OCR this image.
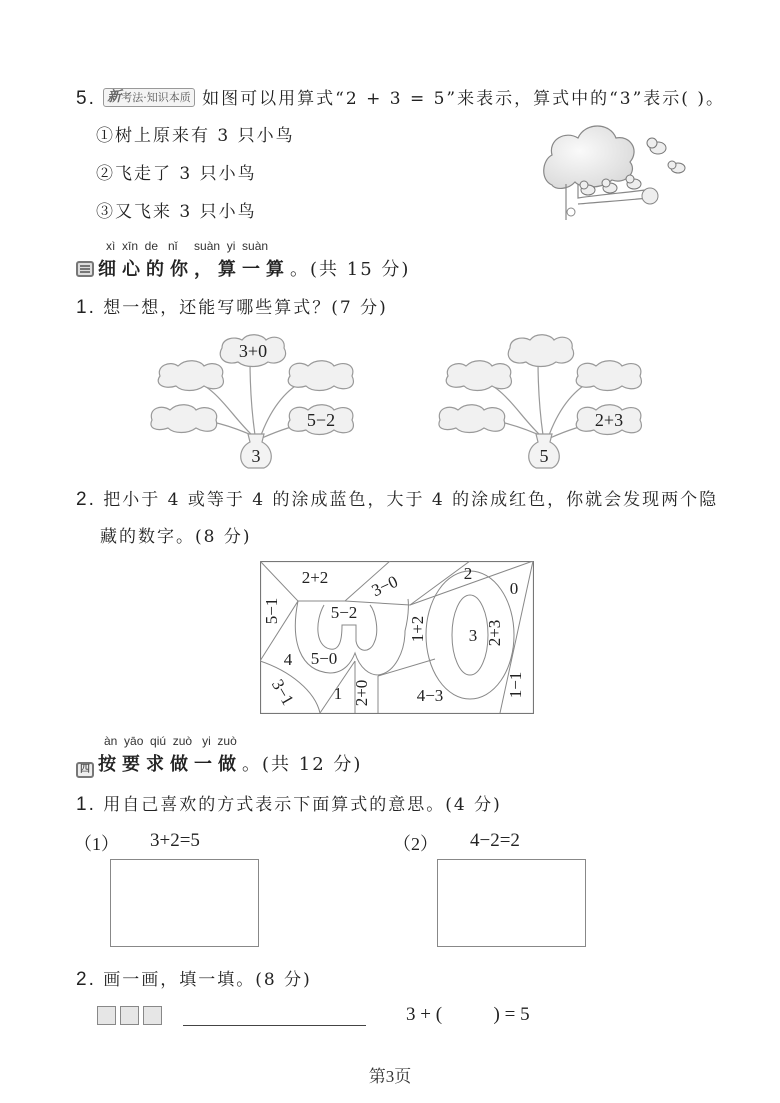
5. 新考法·知识本质 如图可以用算式“2 + 3 = 5”来表示，算式中的“3”表示( )。
①树上原来有 3 只小鸟
②飞走了 3 只小鸟
③又飞来 3 只小鸟
xì  xīn  de   nǐ     suàn  yi  suàn
细心的你，算一算。(共 15 分)
1. 想一想，还能写哪些算式？(7 分)
3+0
5−2
3
2+3
5
2. 把小于 4 或等于 4 的涂成蓝色，大于 4 的涂成红色，你就会发现两个隐
藏的数字。(8 分)
2+2 3−0	2
0
5−1	5−2
1+2 3 2+3
4 5−0
3−1 1 2+0	4−3	1−1
àn  yāo  qiú  zuò   yi  zuò
四 按要求做一做。(共 12 分)
1. 用自己喜欢的方式表示下面算式的意思。(4 分)
（1） 3+2=5	（2） 4−2=2
2. 画一画，填一填。(8 分)
3 + (	) = 5
第3页
